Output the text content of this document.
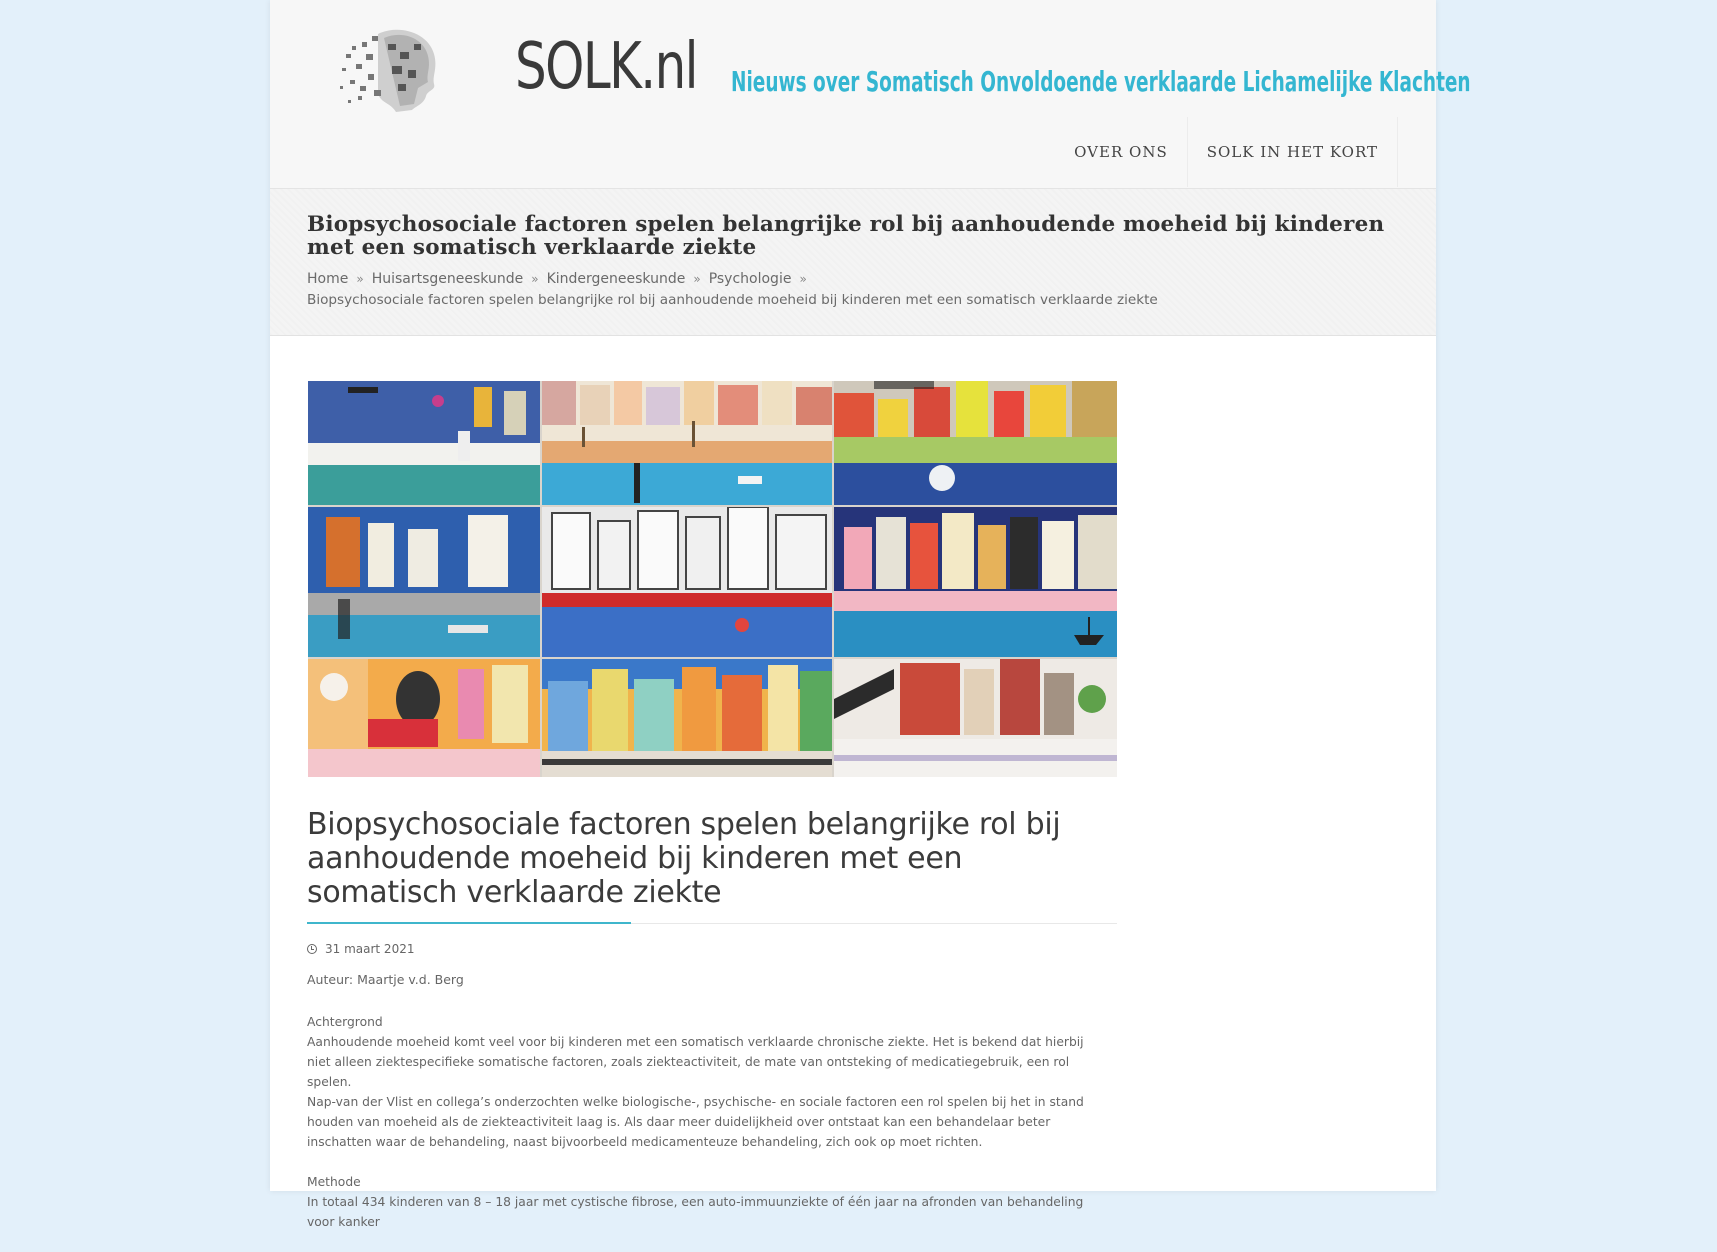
SOLK.nl Nieuws over Somatisch Onvoldoende verklaarde Lichamelijke Klachten
OVER ONS	SOLK IN HET KORT
Biopsychosociale factoren spelen belangrijke rol bij aanhoudende moeheid bij kinderen met een somatisch verklaarde ziekte
Home » Huisartsgeneeskunde » Kindergeneeskunde » Psychologie »
Biopsychosociale factoren spelen belangrijke rol bij aanhoudende moeheid bij kinderen met een somatisch verklaarde ziekte
Biopsychosociale factoren spelen belangrijke rol bij aanhoudende moeheid bij kinderen met een somatisch verklaarde ziekte
31 maart 2021
Auteur: Maartje v.d. Berg
Achtergrond

Aanhoudende moeheid komt veel voor bij kinderen met een somatisch verklaarde chronische ziekte. Het is bekend dat hierbij niet alleen ziektespecifieke somatische factoren, zoals ziekteactiviteit, de mate van ontsteking of medicatiegebruik, een rol spelen.

Nap-van der Vlist en collega’s onderzochten welke biologische-, psychische- en sociale factoren een rol spelen bij het in stand houden van moeheid als de ziekteactiviteit laag is. Als daar meer duidelijkheid over ontstaat kan een behandelaar beter inschatten waar de behandeling, naast bijvoorbeeld medicamenteuze behandeling, zich ook op moet richten.

Methode

In totaal 434 kinderen van 8 – 18 jaar met cystische fibrose, een auto-immuunziekte of één jaar na afronden van behandeling voor kanker
